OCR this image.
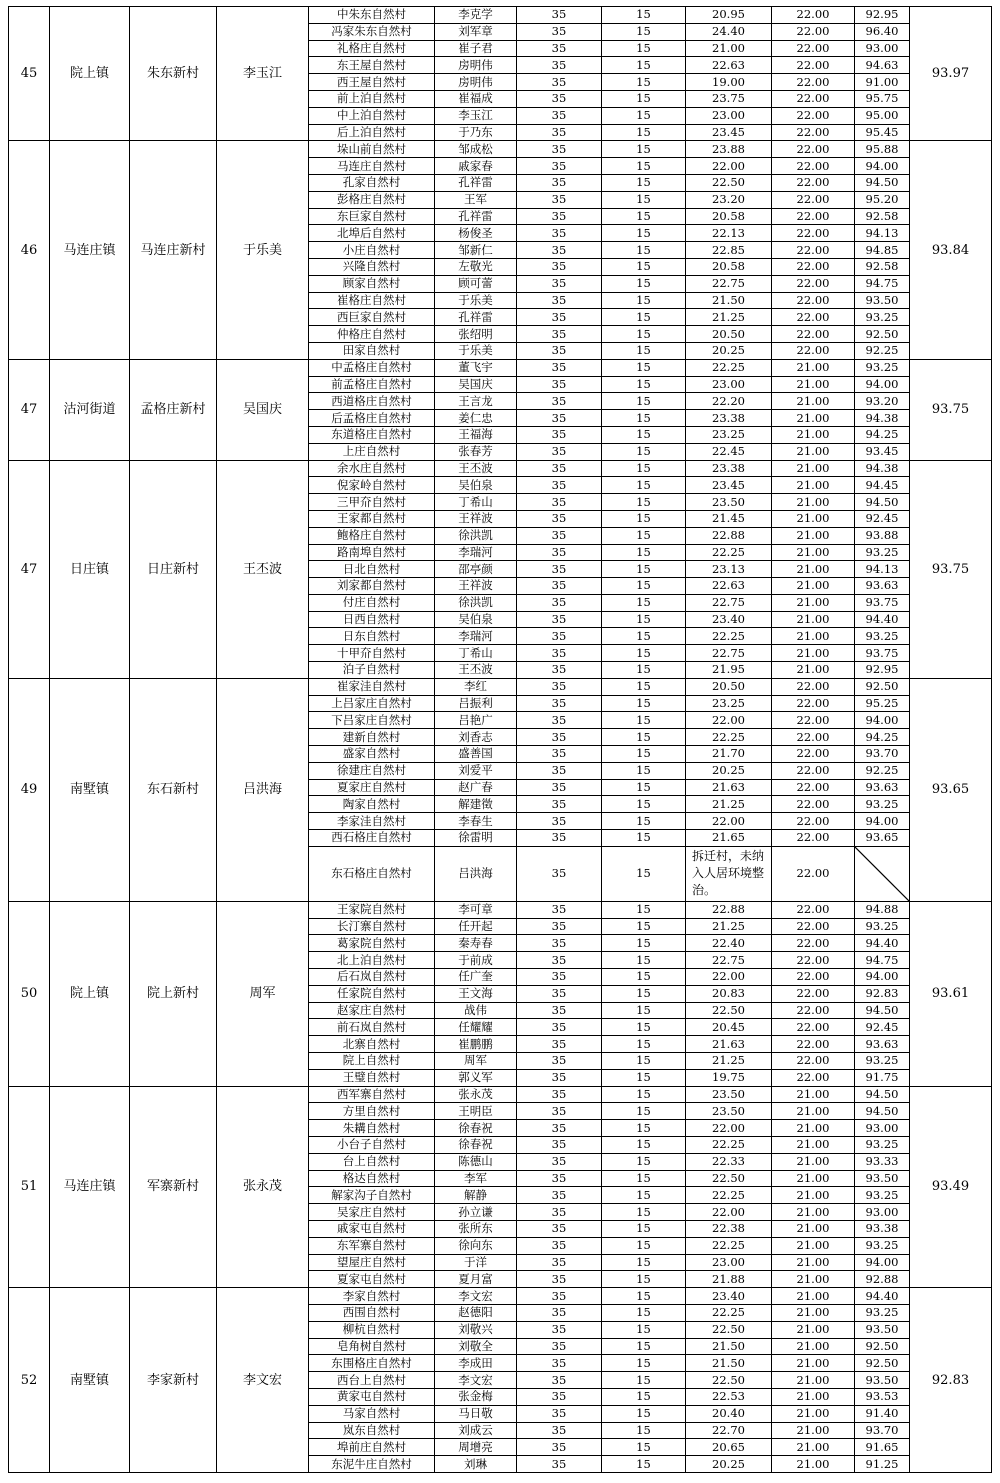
45	院上镇	朱东新村	李玉江	中朱东自然村	李克学	35	15	20.95	22.00	92.95	93.97
				冯家朱东自然村	刘军章	35	15	24.40	22.00	96.40	
				礼格庄自然村	崔子君	35	15	21.00	22.00	93.00	
				东王屋自然村	房明伟	35	15	22.63	22.00	94.63	
				西王屋自然村	房明伟	35	15	19.00	22.00	91.00	
				前上泊自然村	崔福成	35	15	23.75	22.00	95.75	
				中上泊自然村	李玉江	35	15	23.00	22.00	95.00	
				后上泊自然村	于乃东	35	15	23.45	22.00	95.45	
46	马连庄镇	马连庄新村	于乐美	垛山前自然村	邹成松	35	15	23.88	22.00	95.88	93.84
				马连庄自然村	戚家春	35	15	22.00	22.00	94.00	
				孔家自然村	孔祥雷	35	15	22.50	22.00	94.50	
				彭格庄自然村	王军	35	15	23.20	22.00	95.20	
				东巨家自然村	孔祥雷	35	15	20.58	22.00	92.58	
				北埠后自然村	杨俊圣	35	15	22.13	22.00	94.13	
				小庄自然村	邹新仁	35	15	22.85	22.00	94.85	
				兴隆自然村	左敬光	35	15	20.58	22.00	92.58	
				顾家自然村	顾可蕾	35	15	22.75	22.00	94.75	
				崔格庄自然村	于乐美	35	15	21.50	22.00	93.50	
				西巨家自然村	孔祥雷	35	15	21.25	22.00	93.25	
				仲格庄自然村	张绍明	35	15	20.50	22.00	92.50	
				田家自然村	于乐美	35	15	20.25	22.00	92.25	
47	沽河街道	孟格庄新村	吴国庆	中孟格庄自然村	董飞宇	35	15	22.25	21.00	93.25	93.75
				前孟格庄自然村	吴国庆	35	15	23.00	21.00	94.00	
				西道格庄自然村	王言龙	35	15	22.20	21.00	93.20	
				后孟格庄自然村	姜仁忠	35	15	23.38	21.00	94.38	
				东道格庄自然村	王福海	35	15	23.25	21.00	94.25	
				上庄自然村	张春芳	35	15	22.45	21.00	93.45	
47	日庄镇	日庄新村	王丕波	余水庄自然村	王丕波	35	15	23.38	21.00	94.38	93.75
				倪家岭自然村	吴伯泉	35	15	23.45	21.00	94.45	
				三甲夼自然村	丁希山	35	15	23.50	21.00	94.50	
				王家都自然村	王祥波	35	15	21.45	21.00	92.45	
				鲍格庄自然村	徐洪凯	35	15	22.88	21.00	93.88	
				路南埠自然村	李瑞河	35	15	22.25	21.00	93.25	
				日北自然村	邵亭颜	35	15	23.13	21.00	94.13	
				刘家都自然村	王祥波	35	15	22.63	21.00	93.63	
				付庄自然村	徐洪凯	35	15	22.75	21.00	93.75	
				日西自然村	吴伯泉	35	15	23.40	21.00	94.40	
				日东自然村	李瑞河	35	15	22.25	21.00	93.25	
				十甲夼自然村	丁希山	35	15	22.75	21.00	93.75	
				泊子自然村	王丕波	35	15	21.95	21.00	92.95	
49	南墅镇	东石新村	吕洪海	崔家洼自然村	李红	35	15	20.50	22.00	92.50	93.65
				上吕家庄自然村	吕振利	35	15	23.25	22.00	95.25	
				下吕家庄自然村	吕艳广	35	15	22.00	22.00	94.00	
				建新自然村	刘香志	35	15	22.25	22.00	94.25	
				盛家自然村	盛善国	35	15	21.70	22.00	93.70	
				徐建庄自然村	刘爱平	35	15	20.25	22.00	92.25	
				夏家庄自然村	赵广春	35	15	21.63	22.00	93.63	
				陶家自然村	解建徵	35	15	21.25	22.00	93.25	
				李家洼自然村	李春生	35	15	22.00	22.00	94.00	
				西石格庄自然村	徐雷明	35	15	21.65	22.00	93.65	
				东石格庄自然村	吕洪海	35	15	拆迁村，未纳入人居环境整治。	22.00	

50	院上镇	院上新村	周军	王家院自然村	李可章	35	15	22.88	22.00	94.88	93.61
				长汀寨自然村	任开起	35	15	21.25	22.00	93.25	
				葛家院自然村	秦寿春	35	15	22.40	22.00	94.40	
				北上泊自然村	于前成	35	15	22.75	22.00	94.75	
				后石岚自然村	任广奎	35	15	22.00	22.00	94.00	
				任家院自然村	王文海	35	15	20.83	22.00	92.83	
				赵家庄自然村	战伟	35	15	22.50	22.00	94.50	
				前石岚自然村	任耀耀	35	15	20.45	22.00	92.45	
				北寨自然村	崔鹏鹏	35	15	21.63	22.00	93.63	
				院上自然村	周军	35	15	21.25	22.00	93.25	
				王璧自然村	郭义军	35	15	19.75	22.00	91.75	
51	马连庄镇	军寨新村	张永茂	西军寨自然村	张永茂	35	15	23.50	21.00	94.50	93.49
				方里自然村	王明臣	35	15	23.50	21.00	94.50	
				朱耩自然村	徐春祝	35	15	22.00	21.00	93.00	
				小台子自然村	徐春祝	35	15	22.25	21.00	93.25	
				台上自然村	陈德山	35	15	22.33	21.00	93.33	
				格达自然村	李军	35	15	22.50	21.00	93.50	
				解家沟子自然村	解静	35	15	22.25	21.00	93.25	
				吴家庄自然村	孙立谦	35	15	22.00	21.00	93.00	
				戚家屯自然村	张所东	35	15	22.38	21.00	93.38	
				东军寨自然村	徐向东	35	15	22.25	21.00	93.25	
				望屋庄自然村	于洋	35	15	23.00	21.00	94.00	
				夏家屯自然村	夏月富	35	15	21.88	21.00	92.88	
52	南墅镇	李家新村	李文宏	李家自然村	李文宏	35	15	23.40	21.00	94.40	92.83
				西围自然村	赵德阳	35	15	22.25	21.00	93.25	
				柳杭自然村	刘敬兴	35	15	22.50	21.00	93.50	
				皂角树自然村	刘敬全	35	15	21.50	21.00	92.50	
				东围格庄自然村	李成田	35	15	21.50	21.00	92.50	
				西台上自然村	李文宏	35	15	22.50	21.00	93.50	
				黄家屯自然村	张金梅	35	15	22.53	21.00	93.53	
				马家自然村	马日敬	35	15	20.40	21.00	91.40	
				岚东自然村	刘成云	35	15	22.70	21.00	93.70	
				埠前庄自然村	周增亮	35	15	20.65	21.00	91.65	
				东泥牛庄自然村	刘琳	35	15	20.25	21.00	91.25	
